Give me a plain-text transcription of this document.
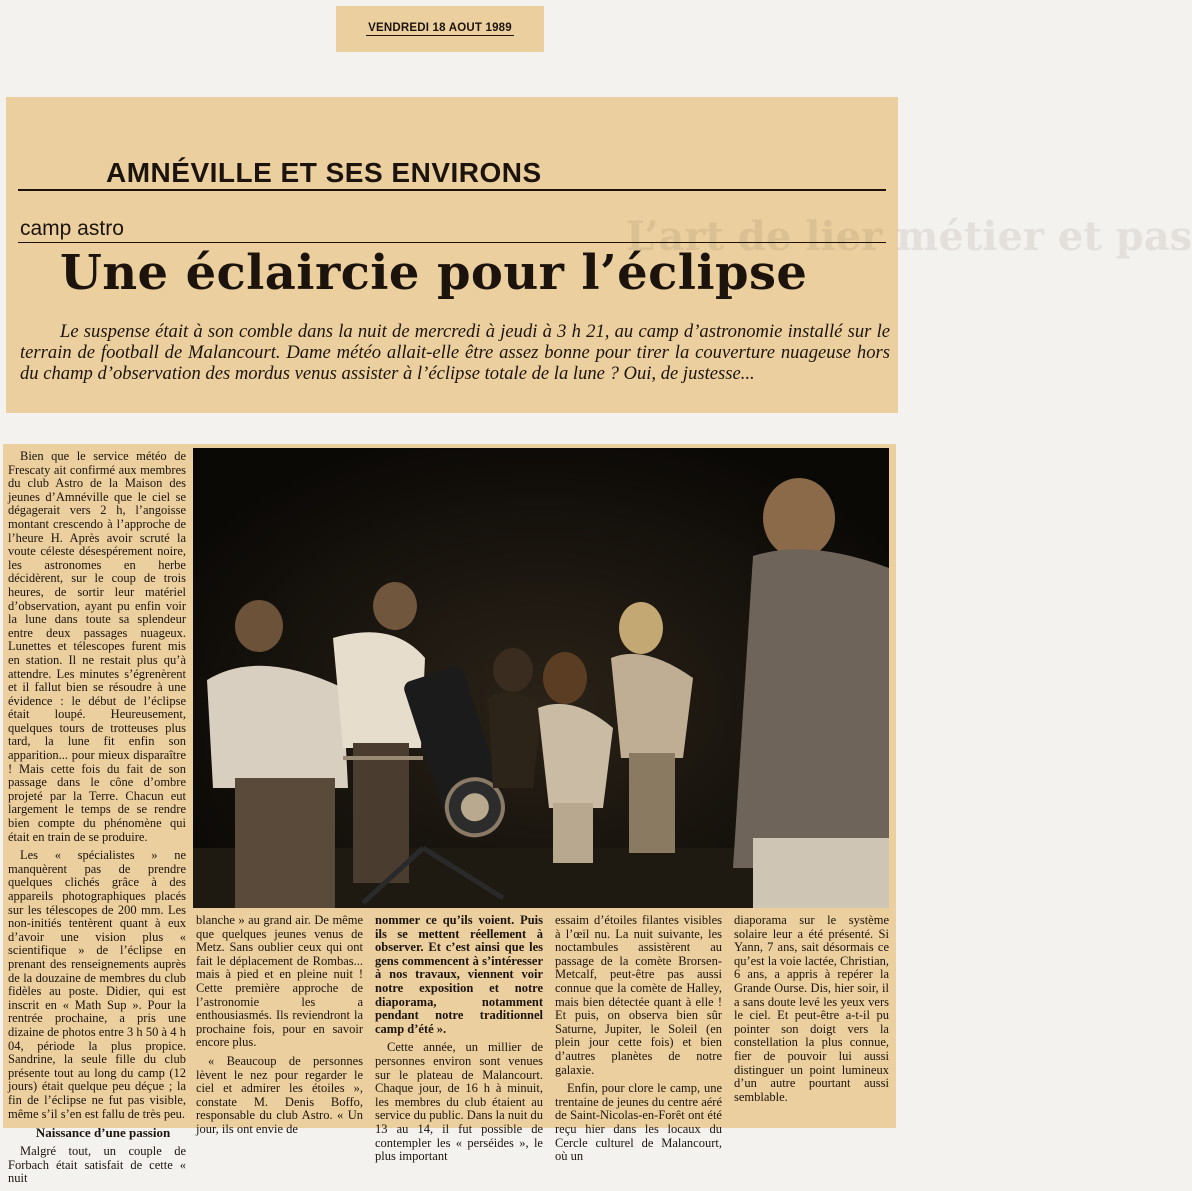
VENDREDI 18 AOUT 1989

L’art de lier métier et pas

AMNÉVILLE ET SES ENVIRONS
camp astro
Une éclaircie pour l’éclipse

Le suspense était à son comble dans la nuit de mercredi à jeudi à 3 h 21, au camp d’astronomie installé sur le terrain de football de Malancourt. Dame météo allait-elle être assez bonne pour tirer la couverture nuageuse hors du champ d’observation des mordus venus assister à l’éclipse totale de la lune ? Oui, de justesse...

Bien que le service météo de Frescaty ait confirmé aux membres du club Astro de la Maison des jeunes d’Amnéville que le ciel se dégagerait vers 2 h, l’angoisse montant crescendo à l’approche de l’heure H. Après avoir scruté la voute céleste désespérement noire, les astronomes en herbe décidèrent, sur le coup de trois heures, de sortir leur matériel d’observation, ayant pu enfin voir la lune dans toute sa splendeur entre deux passages nuageux. Lunettes et télescopes furent mis en station. Il ne restait plus qu’à attendre. Les minutes s’égrenèrent et il fallut bien se résoudre à une évidence : le début de l’éclipse était loupé. Heureusement, quelques tours de trotteuses plus tard, la lune fit enfin son apparition... pour mieux disparaître ! Mais cette fois du fait de son passage dans le cône d’ombre projeté par la Terre. Chacun eut largement le temps de se rendre bien compte du phénomène qui était en train de se produire.

Les « spécialistes » ne manquèrent pas de prendre quelques clichés grâce à des appareils photographiques placés sur les télescopes de 200 mm. Les non-initiés tentèrent quant à eux d’avoir une vision plus « scientifique » de l’éclipse en prenant des renseignements auprès de la douzaine de membres du club fidèles au poste. Didier, qui est inscrit en « Math Sup ». Pour la rentrée prochaine, a pris une dizaine de photos entre 3 h 50 à 4 h 04, période la plus propice. Sandrine, la seule fille du club présente tout au long du camp (12 jours) était quelque peu déçue ; la fin de l’éclipse ne fut pas visible, même s’il s’en est fallu de très peu.

Naissance d’une passion

Malgré tout, un couple de Forbach était satisfait de cette « nuit

blanche » au grand air. De même que quelques jeunes venus de Metz. Sans oublier ceux qui ont fait le déplacement de Rombas... mais à pied et en pleine nuit ! Cette première approche de l’astronomie les a enthousiasmés. Ils reviendront la prochaine fois, pour en savoir encore plus.

« Beaucoup de personnes lèvent le nez pour regarder le ciel et admirer les étoiles », constate M. Denis Boffo, responsable du club Astro. « Un jour, ils ont envie de

nommer ce qu’ils voient. Puis ils se mettent réellement à observer. Et c’est ainsi que les gens commencent à s’intéresser à nos travaux, viennent voir notre exposition et notre diaporama, notamment pendant notre traditionnel camp d’été ».

Cette année, un millier de personnes environ sont venues sur le plateau de Malancourt. Chaque jour, de 16 h à minuit, les membres du club étaient au service du public. Dans la nuit du 13 au 14, il fut possible de contempler les « perséides », le plus important

essaim d’étoiles filantes visibles à l’œil nu. La nuit suivante, les noctambules assistèrent au passage de la comète Brorsen-Metcalf, peut-être pas aussi connue que la comète de Halley, mais bien détectée quant à elle ! Et puis, on observa bien sûr Saturne, Jupiter, le Soleil (en plein jour cette fois) et bien d’autres planètes de notre galaxie.

Enfin, pour clore le camp, une trentaine de jeunes du centre aéré de Saint-Nicolas-en-Forêt ont été reçu hier dans les locaux du Cercle culturel de Malancourt, où un

diaporama sur le système solaire leur a été présenté. Si Yann, 7 ans, sait désormais ce qu’est la voie lactée, Christian, 6 ans, a appris à repérer la Grande Ourse. Dis, hier soir, il a sans doute levé les yeux vers le ciel. Et peut-être a-t-il pu pointer son doigt vers la constellation la plus connue, fier de pouvoir lui aussi distinguer un point lumineux d’un autre pourtant aussi semblable.
